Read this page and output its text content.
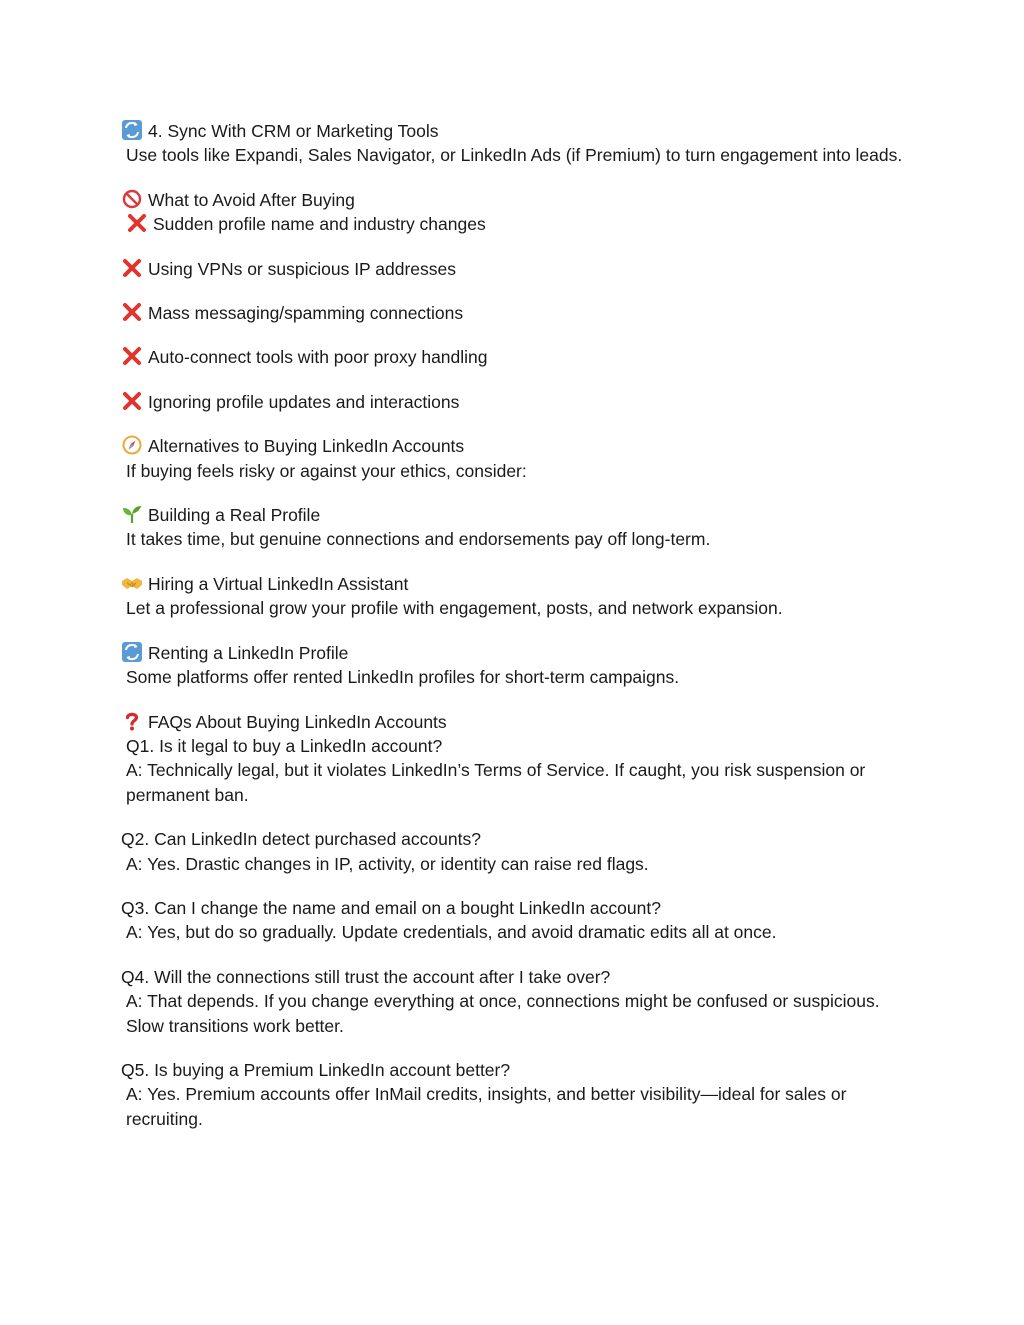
4. Sync With CRM or Marketing Tools
Use tools like Expandi, Sales Navigator, or LinkedIn Ads (if Premium) to turn engagement into leads.
What to Avoid After Buying
Sudden profile name and industry changes
Using VPNs or suspicious IP addresses
Mass messaging/spamming connections
Auto-connect tools with poor proxy handling
Ignoring profile updates and interactions
Alternatives to Buying LinkedIn Accounts
If buying feels risky or against your ethics, consider:
Building a Real Profile
It takes time, but genuine connections and endorsements pay off long-term.
Hiring a Virtual LinkedIn Assistant
Let a professional grow your profile with engagement, posts, and network expansion.
Renting a LinkedIn Profile
Some platforms offer rented LinkedIn profiles for short-term campaigns.
FAQs About Buying LinkedIn Accounts
Q1. Is it legal to buy a LinkedIn account?
A: Technically legal, but it violates LinkedIn’s Terms of Service. If caught, you risk suspension or permanent ban.
Q2. Can LinkedIn detect purchased accounts?
A: Yes. Drastic changes in IP, activity, or identity can raise red flags.
Q3. Can I change the name and email on a bought LinkedIn account?
A: Yes, but do so gradually. Update credentials, and avoid dramatic edits all at once.
Q4. Will the connections still trust the account after I take over?
A: That depends. If you change everything at once, connections might be confused or suspicious. Slow transitions work better.
Q5. Is buying a Premium LinkedIn account better?
A: Yes. Premium accounts offer InMail credits, insights, and better visibility—ideal for sales or recruiting.
